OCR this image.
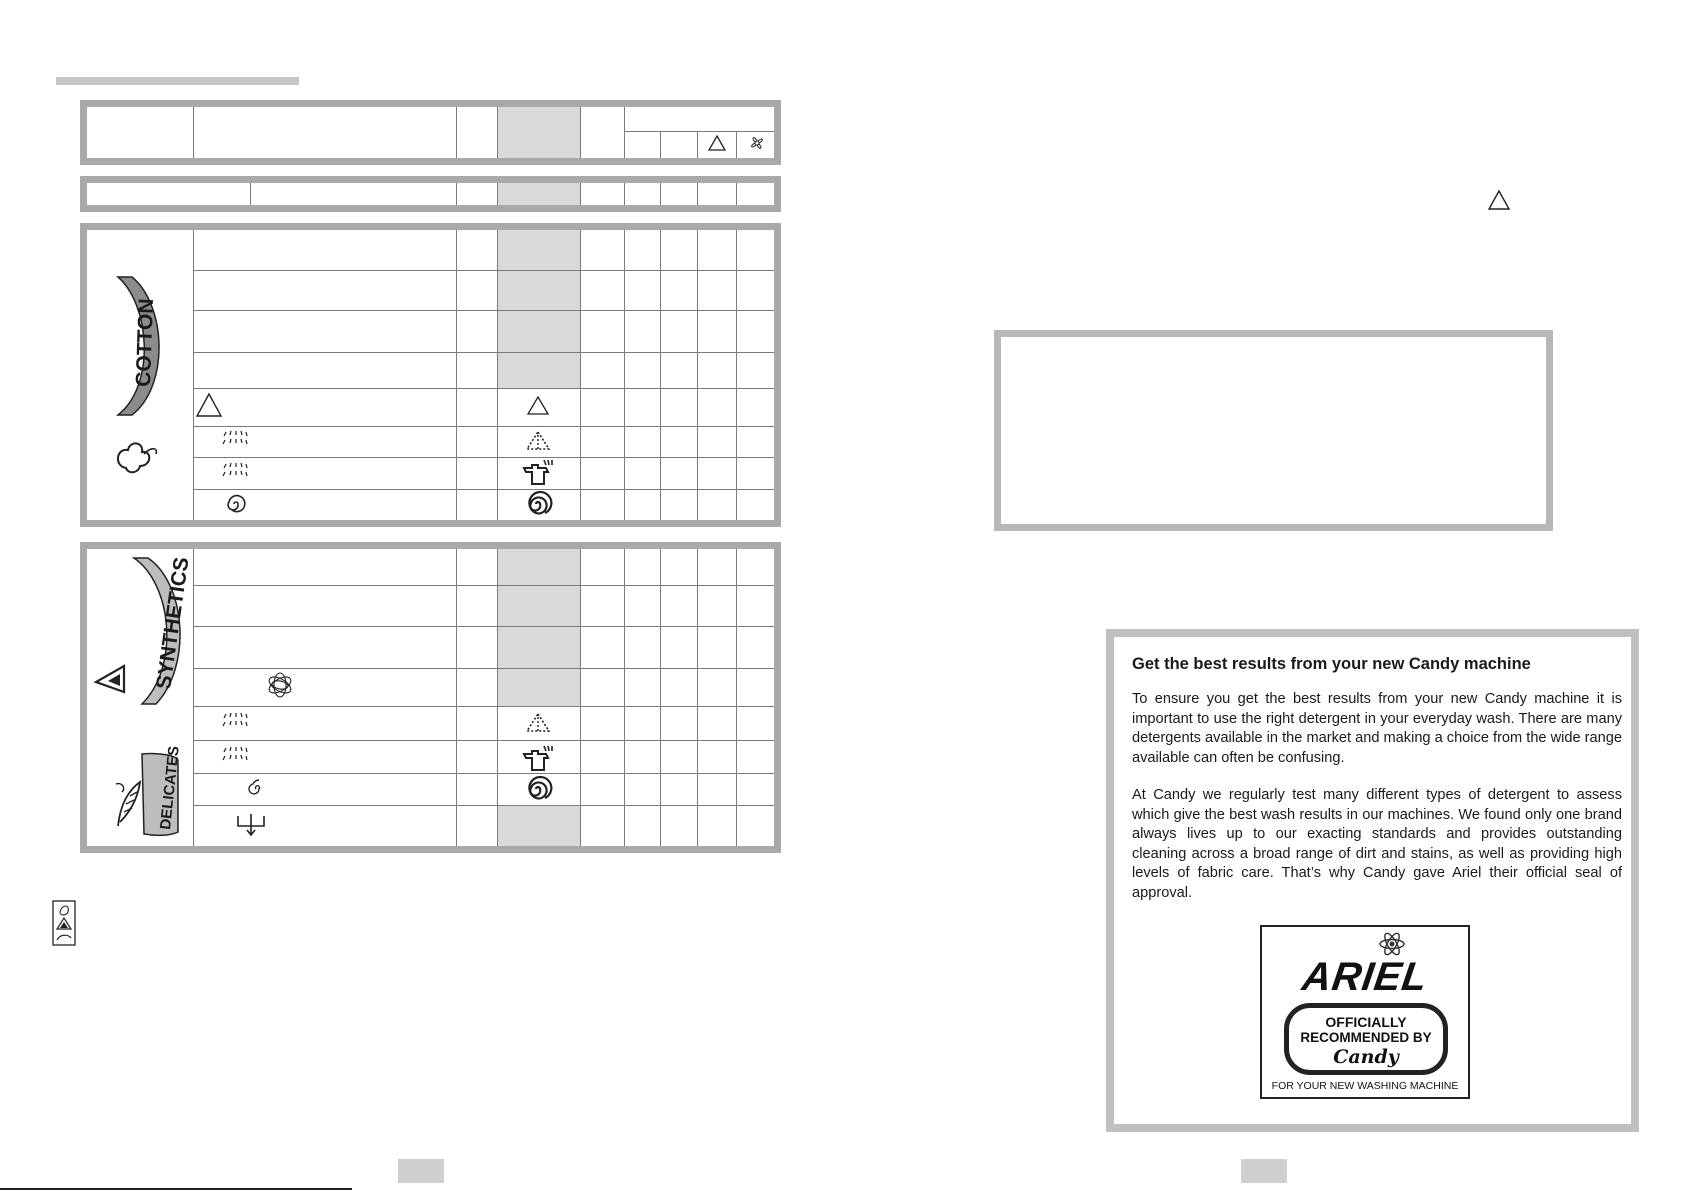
COTTON
SYNTHETICS
DELICATES
Get the best results from your new Candy machine

To ensure you get the best results from your new Candy machine it is important to use the right detergent in your everyday wash. There are many detergents available in the market and making a choice from the wide range available can often be confusing.

At Candy we regularly test many different types of detergent to assess which give the best wash results in our machines. We found only one brand always lives up to our exacting standards and provides outstanding cleaning across a broad range of dirt and stains, as well as providing high levels of fabric care. That’s why Candy gave Ariel their official seal of approval.

ARIEL
OFFICIALLY
RECOMMENDED BY
Candy
FOR YOUR NEW WASHING MACHINE
